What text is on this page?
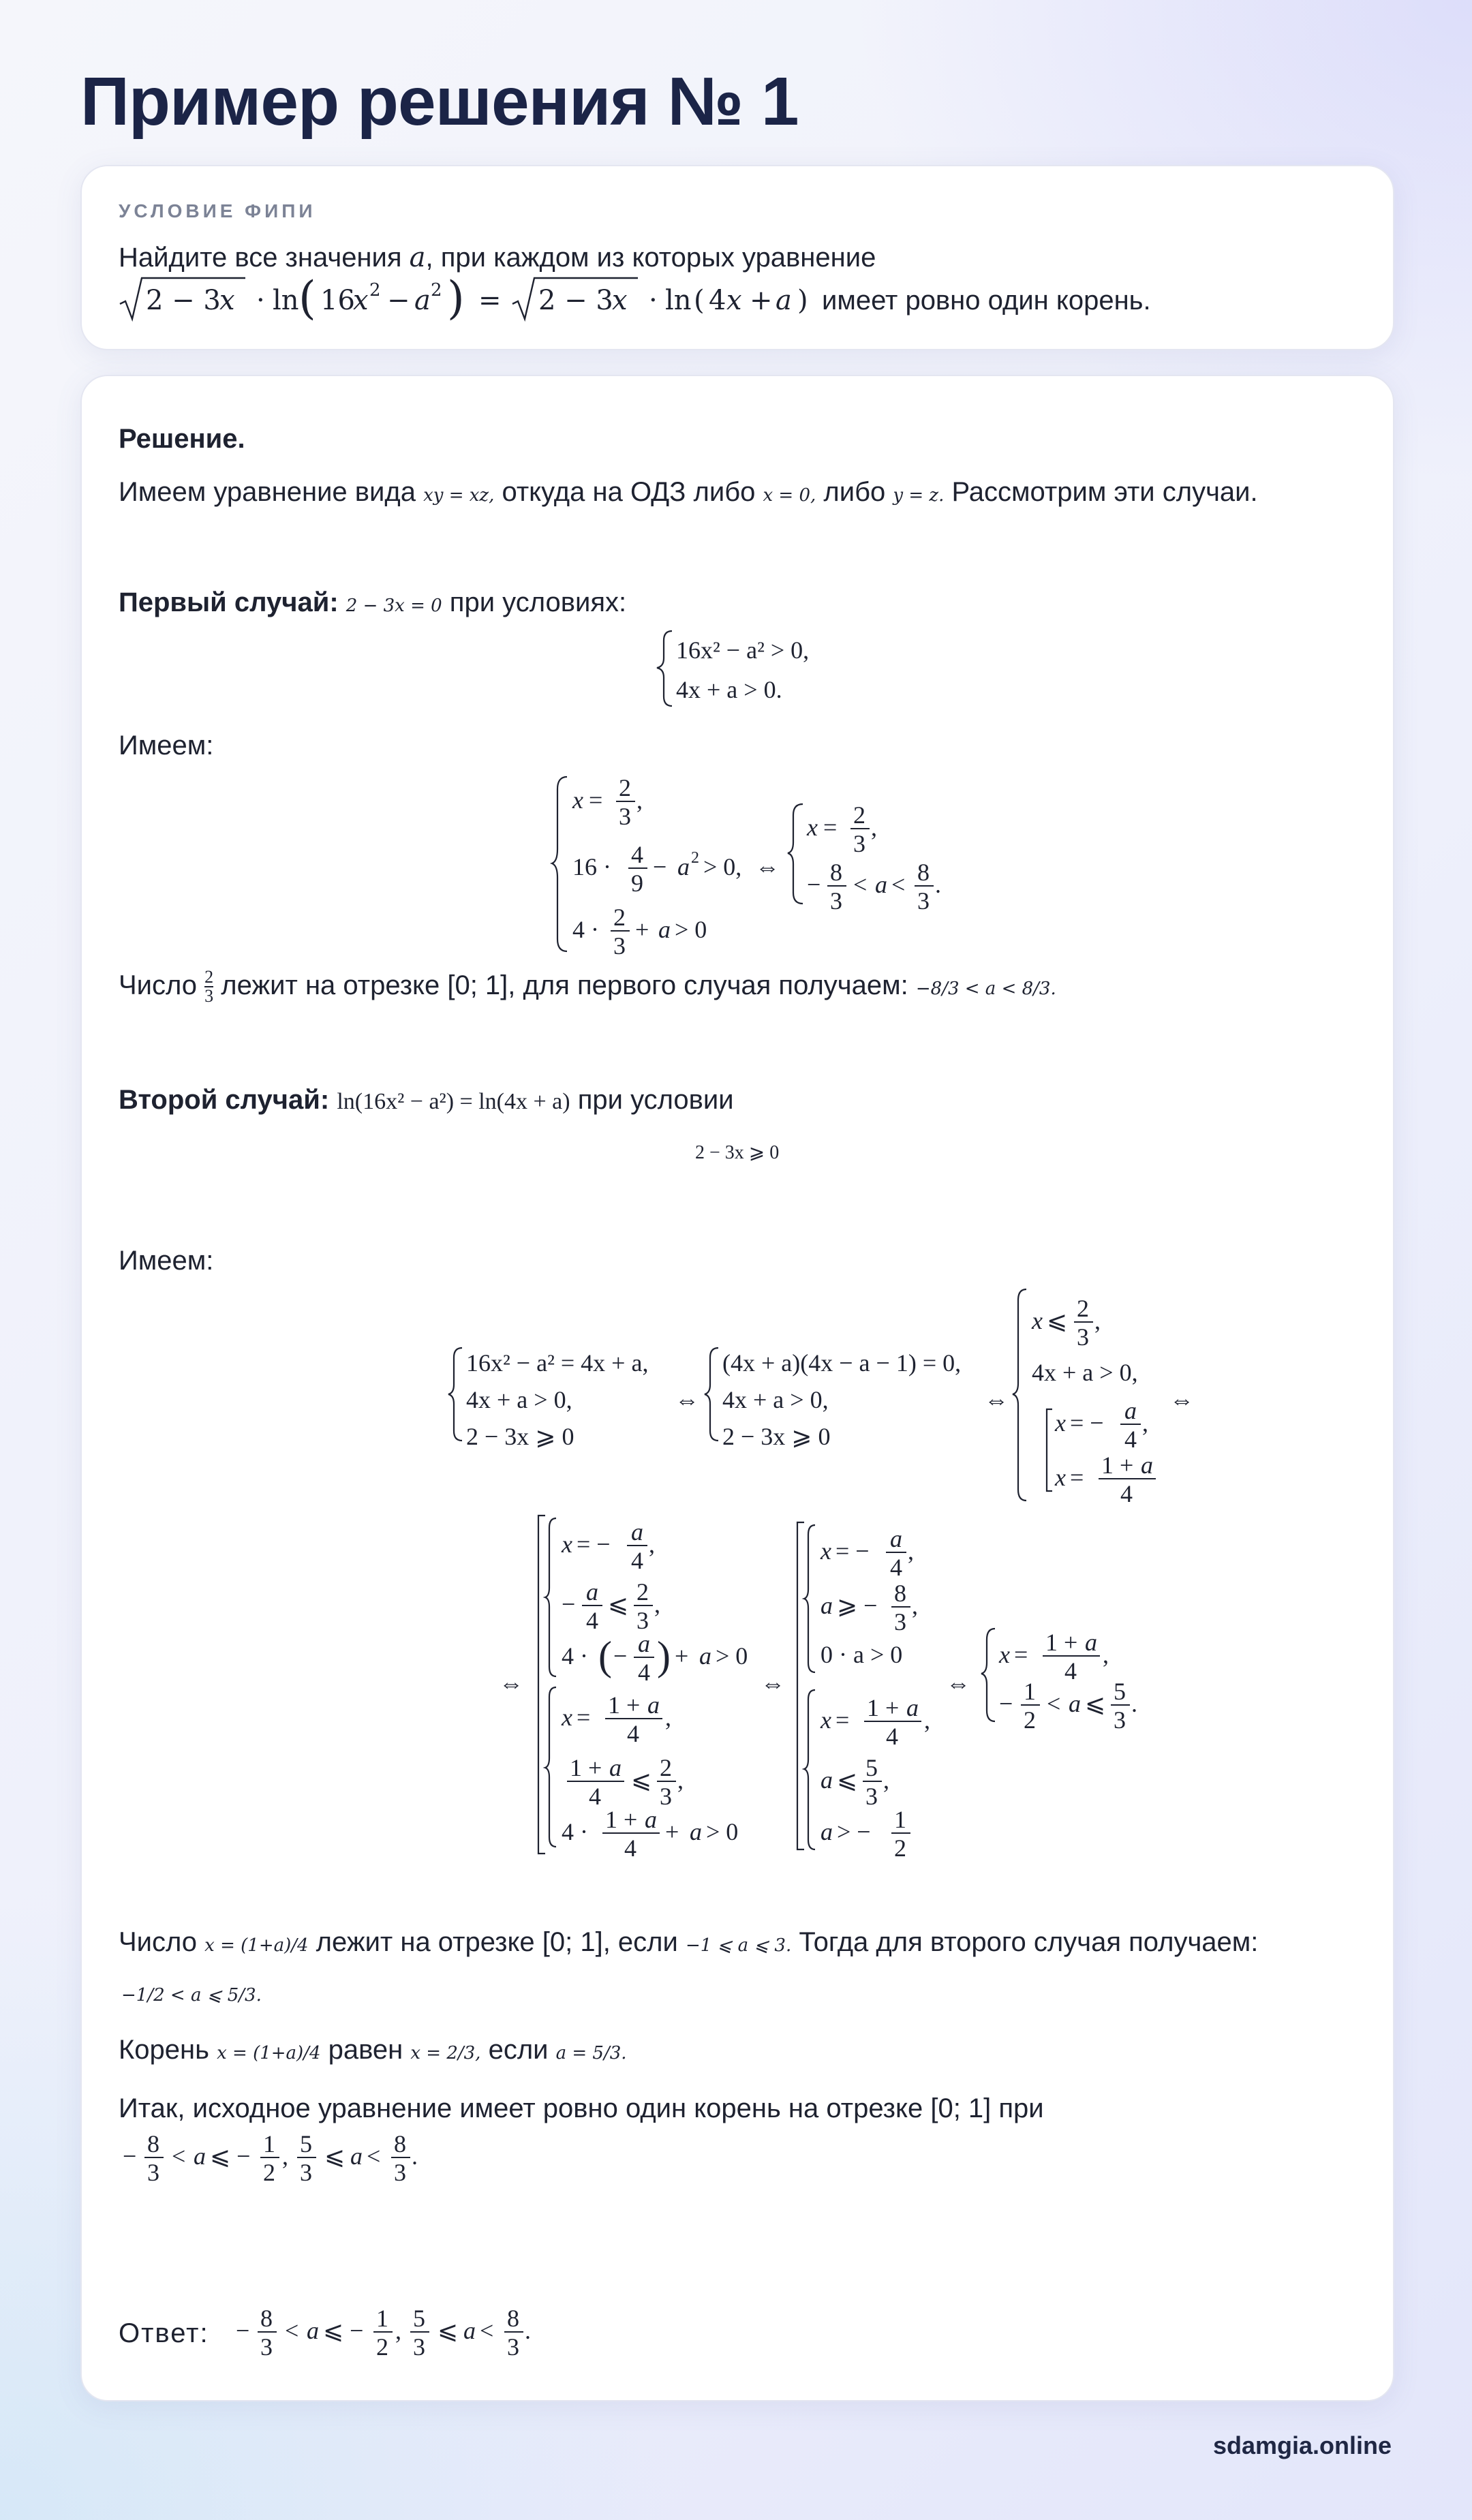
Пример решения № 1
УСЛОВИЕ ФИПИ
Найдите все значения a, при каждом из которых уравнение
2 − 3
x · ln ( 16
x 2 − a 2 ) = 2 − 3
x · ln ( 4 x + a ) имеет ровно один корень.
Решение.
Имеем уравнение вида xy = xz, откуда на ОДЗ либо x = 0, либо y = z. Рассмотрим эти случаи.
Первый случай: 2 − 3x = 0 при условиях:
16x² − a² > 0,
4x + a > 0.
Имеем:
x = 2
3
,
16 · 4
9
− a 2 > 0,
4 · 2
3
+ a > 0
⇔
x = 2
3
,
− 8
3
< a < 8
3
.
Число $\frac{2}{3}$ лежит на отрезке [0; 1], для первого случая получаем: −8/3 < a < 8/3.
Второй случай: ln(16x² − a²) = ln(4x + a) при условии
2 − 3x ⩾ 0
Имеем:
16x² − a² = 4x + a,
4x + a > 0,
2 − 3x ⩾ 0
⇔
(4x + a)(4x − a − 1) = 0,
4x + a > 0,
2 − 3x ⩾ 0
⇔
x ⩽ 2
3
,
4x + a > 0,
x = − a
4
,
x = 1 + a
4
⇔
⇔
x = − a
4
,
− a
4
⩽ 2
3
,
4 · ( − a
4 ) + a > 0
x = 1 + a
4
,
1 + a
4
⩽ 2
3
,
4 · 1 + a
4
+ a > 0
⇔
x = − a
4
,
a ⩾ − 8
3
,
0 · a > 0
x = 1 + a
4
,
a ⩽ 5
3
,
a > − 1
2
⇔
x = 1 + a
4
,
− 1
2
< a ⩽ 5
3
.
Число x = (1+a)/4 лежит на отрезке [0; 1], если −1 ⩽ a ⩽ 3. Тогда для второго случая получаем:
−1/2 < a ⩽ 5/3.
Корень x = (1+a)/4 равен x = 2/3, если a = 5/3.
Итак, исходное уравнение имеет ровно один корень на отрезке [0; 1] при
− 8
3
< a ⩽ − 1
2
, 5
3
⩽ a < 8
3
.
Ответ: − 8
3
< a ⩽ − 1
2
, 5
3
⩽ a < 8
3
.
sdamgia.online
